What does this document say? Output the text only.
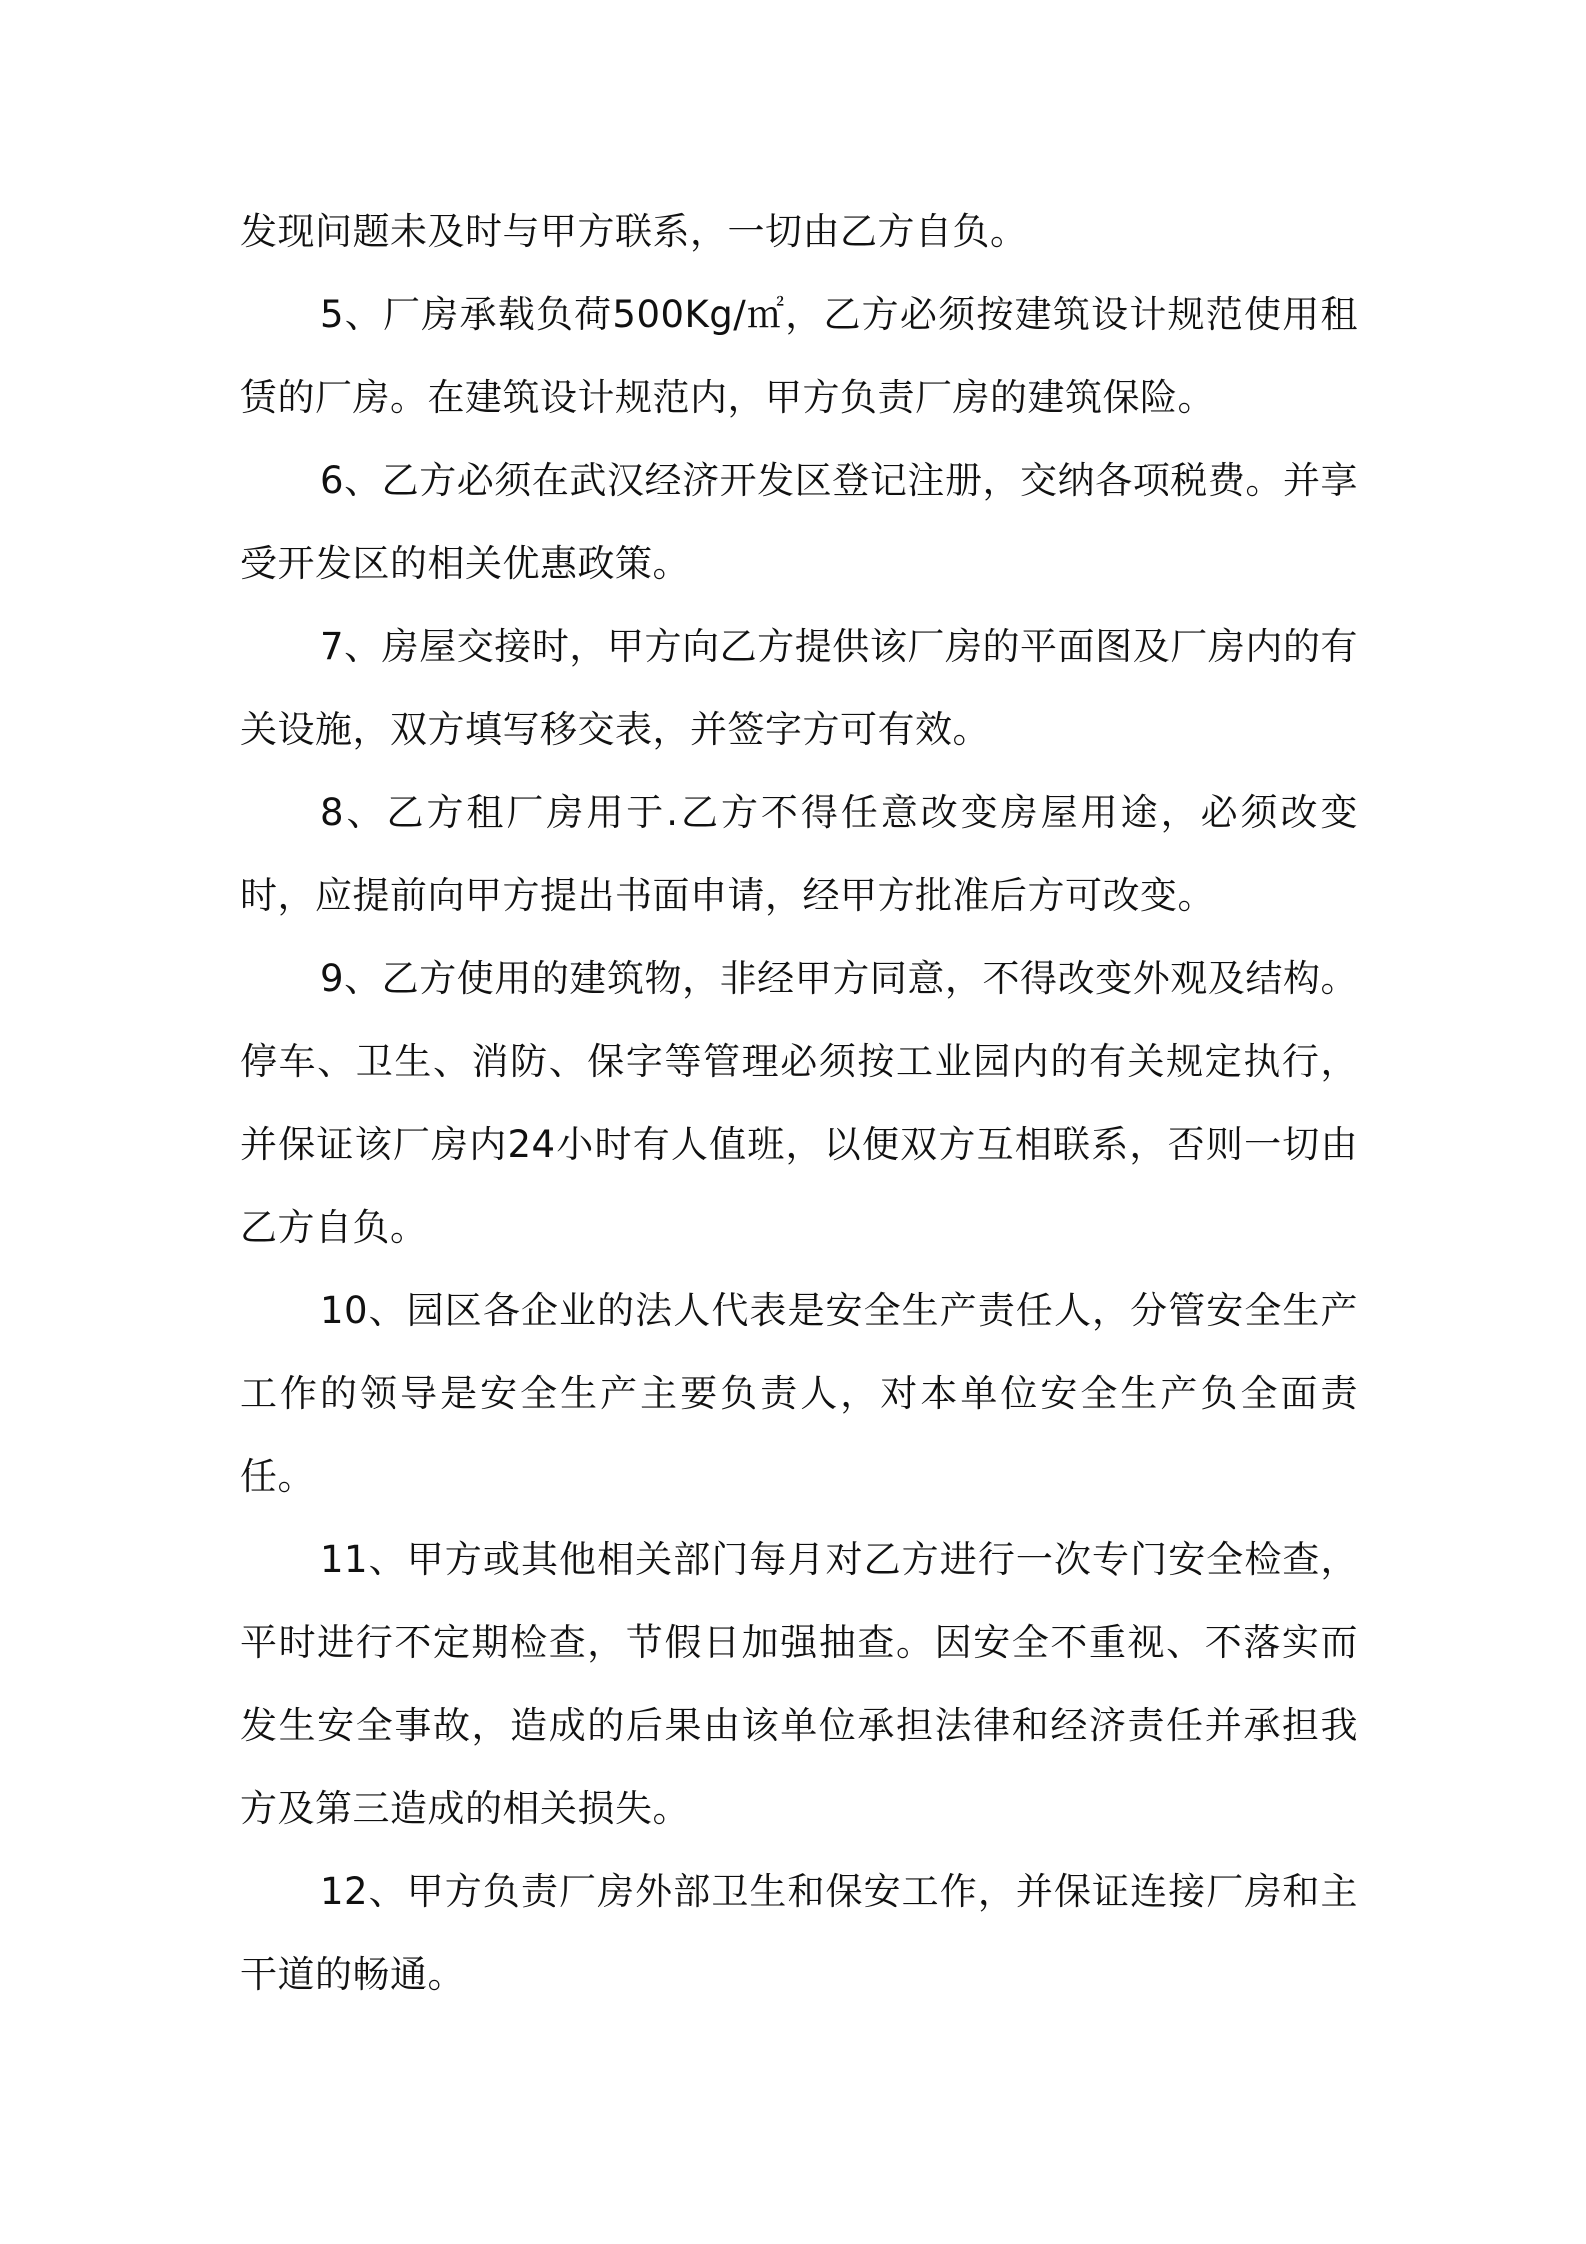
发现问题未及时与甲方联系，一切由乙方自负。

5、厂房承载负荷500Kg/㎡，乙方必须按建筑设计规范使用租赁的厂房。在建筑设计规范内，甲方负责厂房的建筑保险。

6、乙方必须在武汉经济开发区登记注册，交纳各项税费。并享受开发区的相关优惠政策。

7、房屋交接时，甲方向乙方提供该厂房的平面图及厂房内的有关设施，双方填写移交表，并签字方可有效。

8、乙方租厂房用于.乙方不得任意改变房屋用途，必须改变时，应提前向甲方提出书面申请，经甲方批准后方可改变。

9、乙方使用的建筑物，非经甲方同意，不得改变外观及结构。停车、卫生、消防、保字等管理必须按工业园内的有关规定执行，并保证该厂房内24小时有人值班，以便双方互相联系，否则一切由乙方自负。

10、园区各企业的法人代表是安全生产责任人，分管安全生产工作的领导是安全生产主要负责人，对本单位安全生产负全面责任。

11、甲方或其他相关部门每月对乙方进行一次专门安全检查，平时进行不定期检查，节假日加强抽查。因安全不重视、不落实而发生安全事故，造成的后果由该单位承担法律和经济责任并承担我方及第三造成的相关损失。

12、甲方负责厂房外部卫生和保安工作，并保证连接厂房和主干道的畅通。
